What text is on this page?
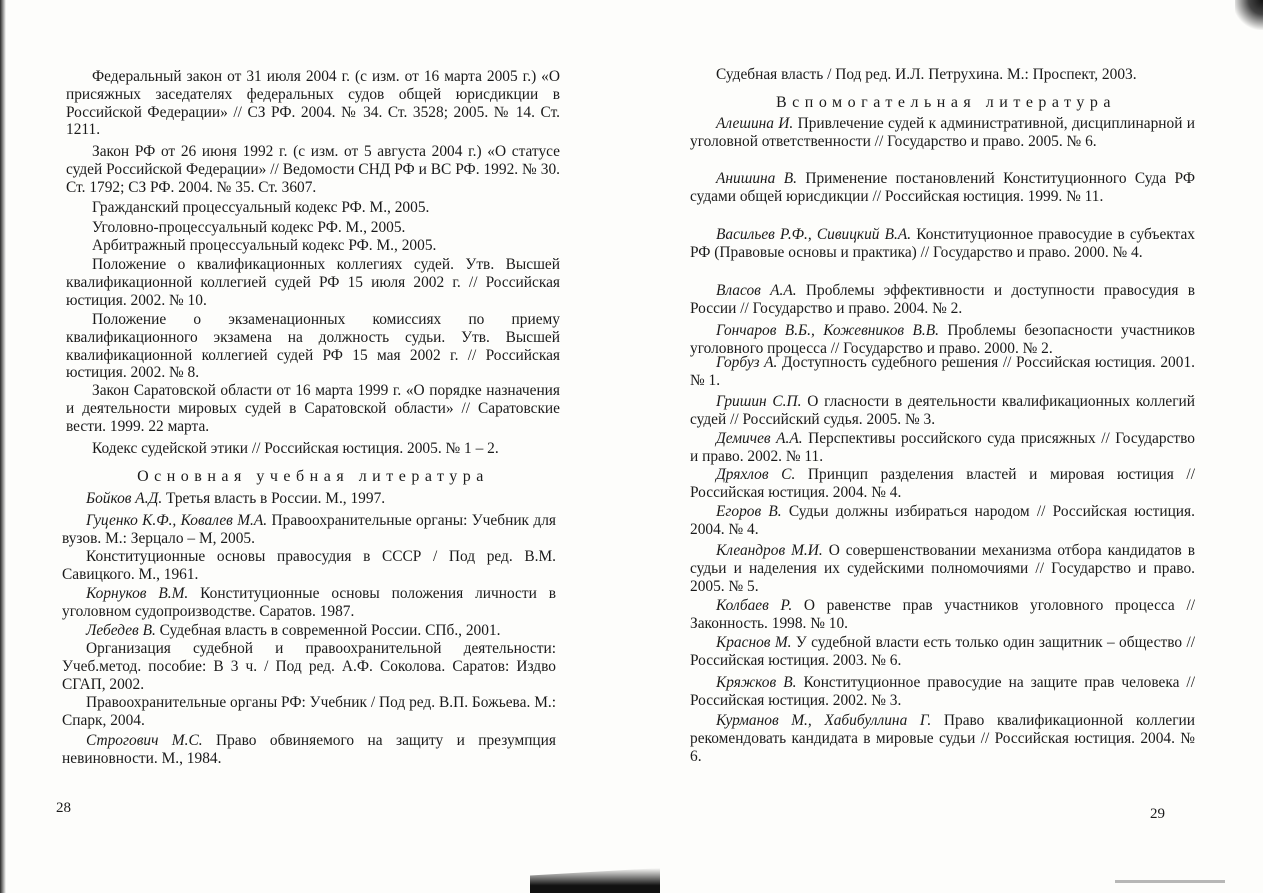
Федеральный закон от 31 июля 2004 г. (с изм. от 16 марта 2005 г.) «О присяжных заседателях федеральных судов общей юрисдикции в Российской Федерации» // СЗ РФ. 2004. № 34. Ст. 3528; 2005. № 14. Ст. 1211.
Закон РФ от 26 июня 1992 г. (с изм. от 5 августа 2004 г.) «О статусе судей Российской Федерации» // Ведомости СНД РФ и ВС РФ. 1992. № 30. Ст. 1792; СЗ РФ. 2004. № 35. Ст. 3607.
Гражданский процессуальный кодекс РФ. М., 2005.
Уголовно-процессуальный кодекс РФ. М., 2005.
Арбитражный процессуальный кодекс РФ. М., 2005.
Положение о квалификационных коллегиях судей. Утв. Высшей квалификационной коллегией судей РФ 15 июля 2002 г. // Российская юстиция. 2002. № 10.
Положение о экзаменационных комиссиях по приему квалификационного экзамена на должность судьи. Утв. Высшей квалификационной коллегией судей РФ 15 мая 2002 г. // Российская юстиция. 2002. № 8.
Закон Саратовской области от 16 марта 1999 г. «О порядке назначения и деятельности мировых судей в Саратовской области» // Саратовские вести. 1999. 22 марта.
Кодекс судейской этики // Российская юстиция. 2005. № 1 – 2.
Основная учебная литература
Бойков А.Д. Третья власть в России. М., 1997.
Гуценко К.Ф., Ковалев М.А. Правоохранительные органы: Учебник для вузов. М.: Зерцало – М, 2005.
Конституционные основы правосудия в СССР / Под ред. В.М. Савицкого. М., 1961.
Корнуков В.М. Конституционные основы положения личности в уголовном судопроизводстве. Саратов. 1987.
Лебедев В. Судебная власть в современной России. СПб., 2001.
Организация судебной и правоохранительной деятельности: Учеб.метод. пособие: В 3 ч. / Под ред. А.Ф. Соколова. Саратов: Издво СГАП, 2002.
Правоохранительные органы РФ: Учебник / Под ред. В.П. Божьева. М.: Спарк, 2004.
Строгович М.С. Право обвиняемого на защиту и презумпция невиновности. М., 1984.
28
Судебная власть / Под ред. И.Л. Петрухина. М.: Проспект, 2003.
Вспомогательная литература
Алешина И. Привлечение судей к административной, дисциплинарной и уголовной ответственности // Государство и право. 2005. № 6.
Анишина В. Применение постановлений Конституционного Суда РФ судами общей юрисдикции // Российская юстиция. 1999. № 11.
Васильев Р.Ф., Сивицкий В.А. Конституционное правосудие в субъектах РФ (Правовые основы и практика) // Государство и право. 2000. № 4.
Власов А.А. Проблемы эффективности и доступности правосудия в России // Государство и право. 2004. № 2.
Гончаров В.Б., Кожевников В.В. Проблемы безопасности участников уголовного процесса // Государство и право. 2000. № 2.
Горбуз А. Доступность судебного решения // Российская юстиция. 2001. № 1.
Гришин С.П. О гласности в деятельности квалификационных коллегий судей // Российский судья. 2005. № 3.
Демичев А.А. Перспективы российского суда присяжных // Государство и право. 2002. № 11.
Дряхлов С. Принцип разделения властей и мировая юстиция // Российская юстиция. 2004. № 4.
Егоров В. Судьи должны избираться народом // Российская юстиция. 2004. № 4.
Клеандров М.И. О совершенствовании механизма отбора кандидатов в судьи и наделения их судейскими полномочиями // Государство и право. 2005. № 5.
Колбаев Р. О равенстве прав участников уголовного процесса // Законность. 1998. № 10.
Краснов М. У судебной власти есть только один защитник – общество // Российская юстиция. 2003. № 6.
Кряжков В. Конституционное правосудие на защите прав человека // Российская юстиция. 2002. № 3.
Курманов М., Хабибуллина Г. Право квалификационной коллегии рекомендовать кандидата в мировые судьи // Российская юстиция. 2004. № 6.
29
